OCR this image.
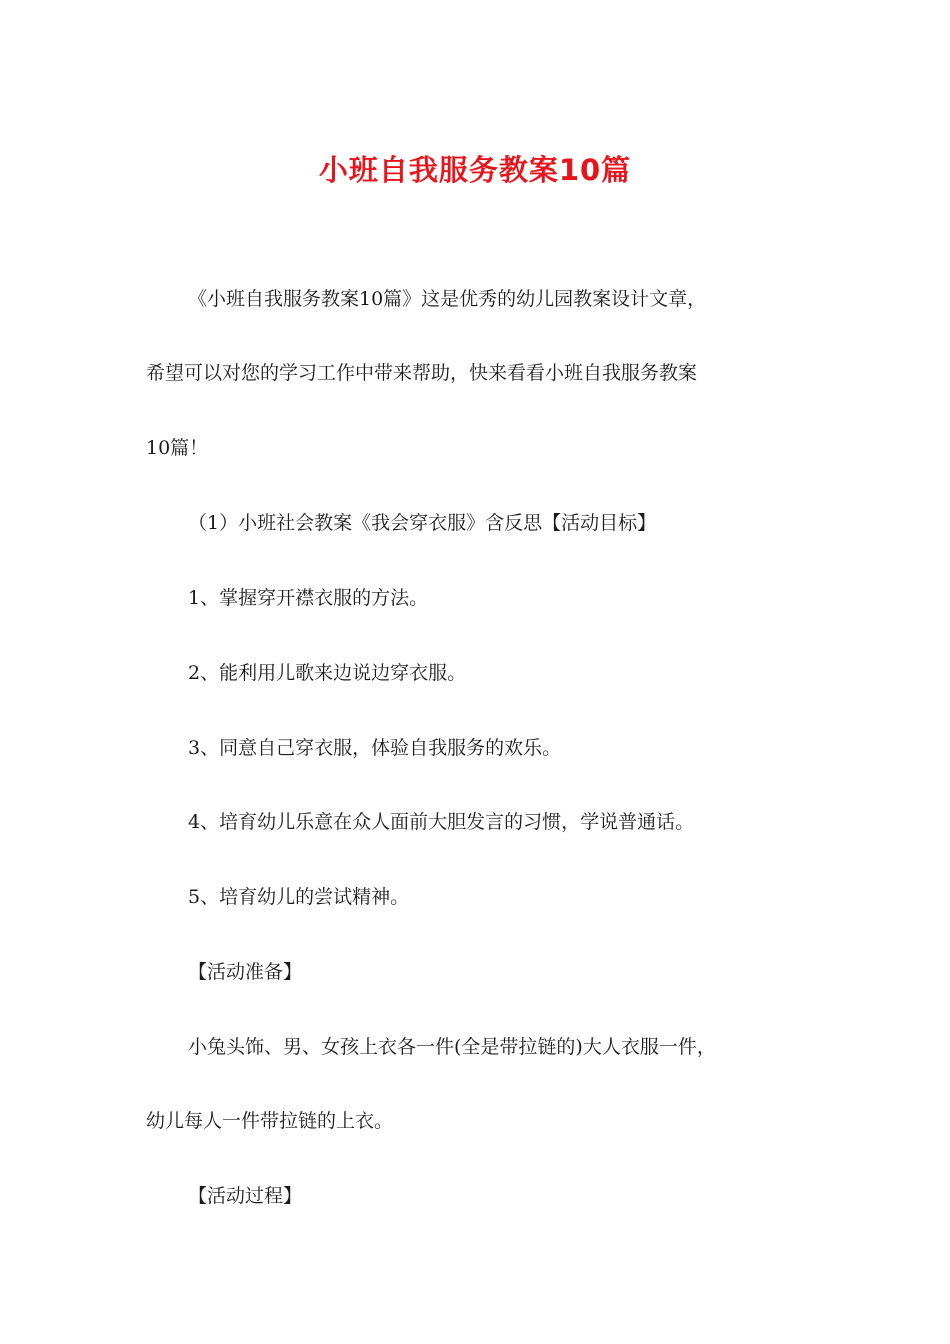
小班自我服务教案10篇
《小班自我服务教案10篇》这是优秀的幼儿园教案设计文章，
希望可以对您的学习工作中带来帮助，快来看看小班自我服务教案
10篇！
（1）小班社会教案《我会穿衣服》含反思【活动目标】
1、掌握穿开襟衣服的方法。
2、能利用儿歌来边说边穿衣服。
3、同意自己穿衣服，体验自我服务的欢乐。
4、培育幼儿乐意在众人面前大胆发言的习惯，学说普通话。
5、培育幼儿的尝试精神。
【活动准备】
小兔头饰、男、女孩上衣各一件(全是带拉链的)大人衣服一件，
幼儿每人一件带拉链的上衣。
【活动过程】
